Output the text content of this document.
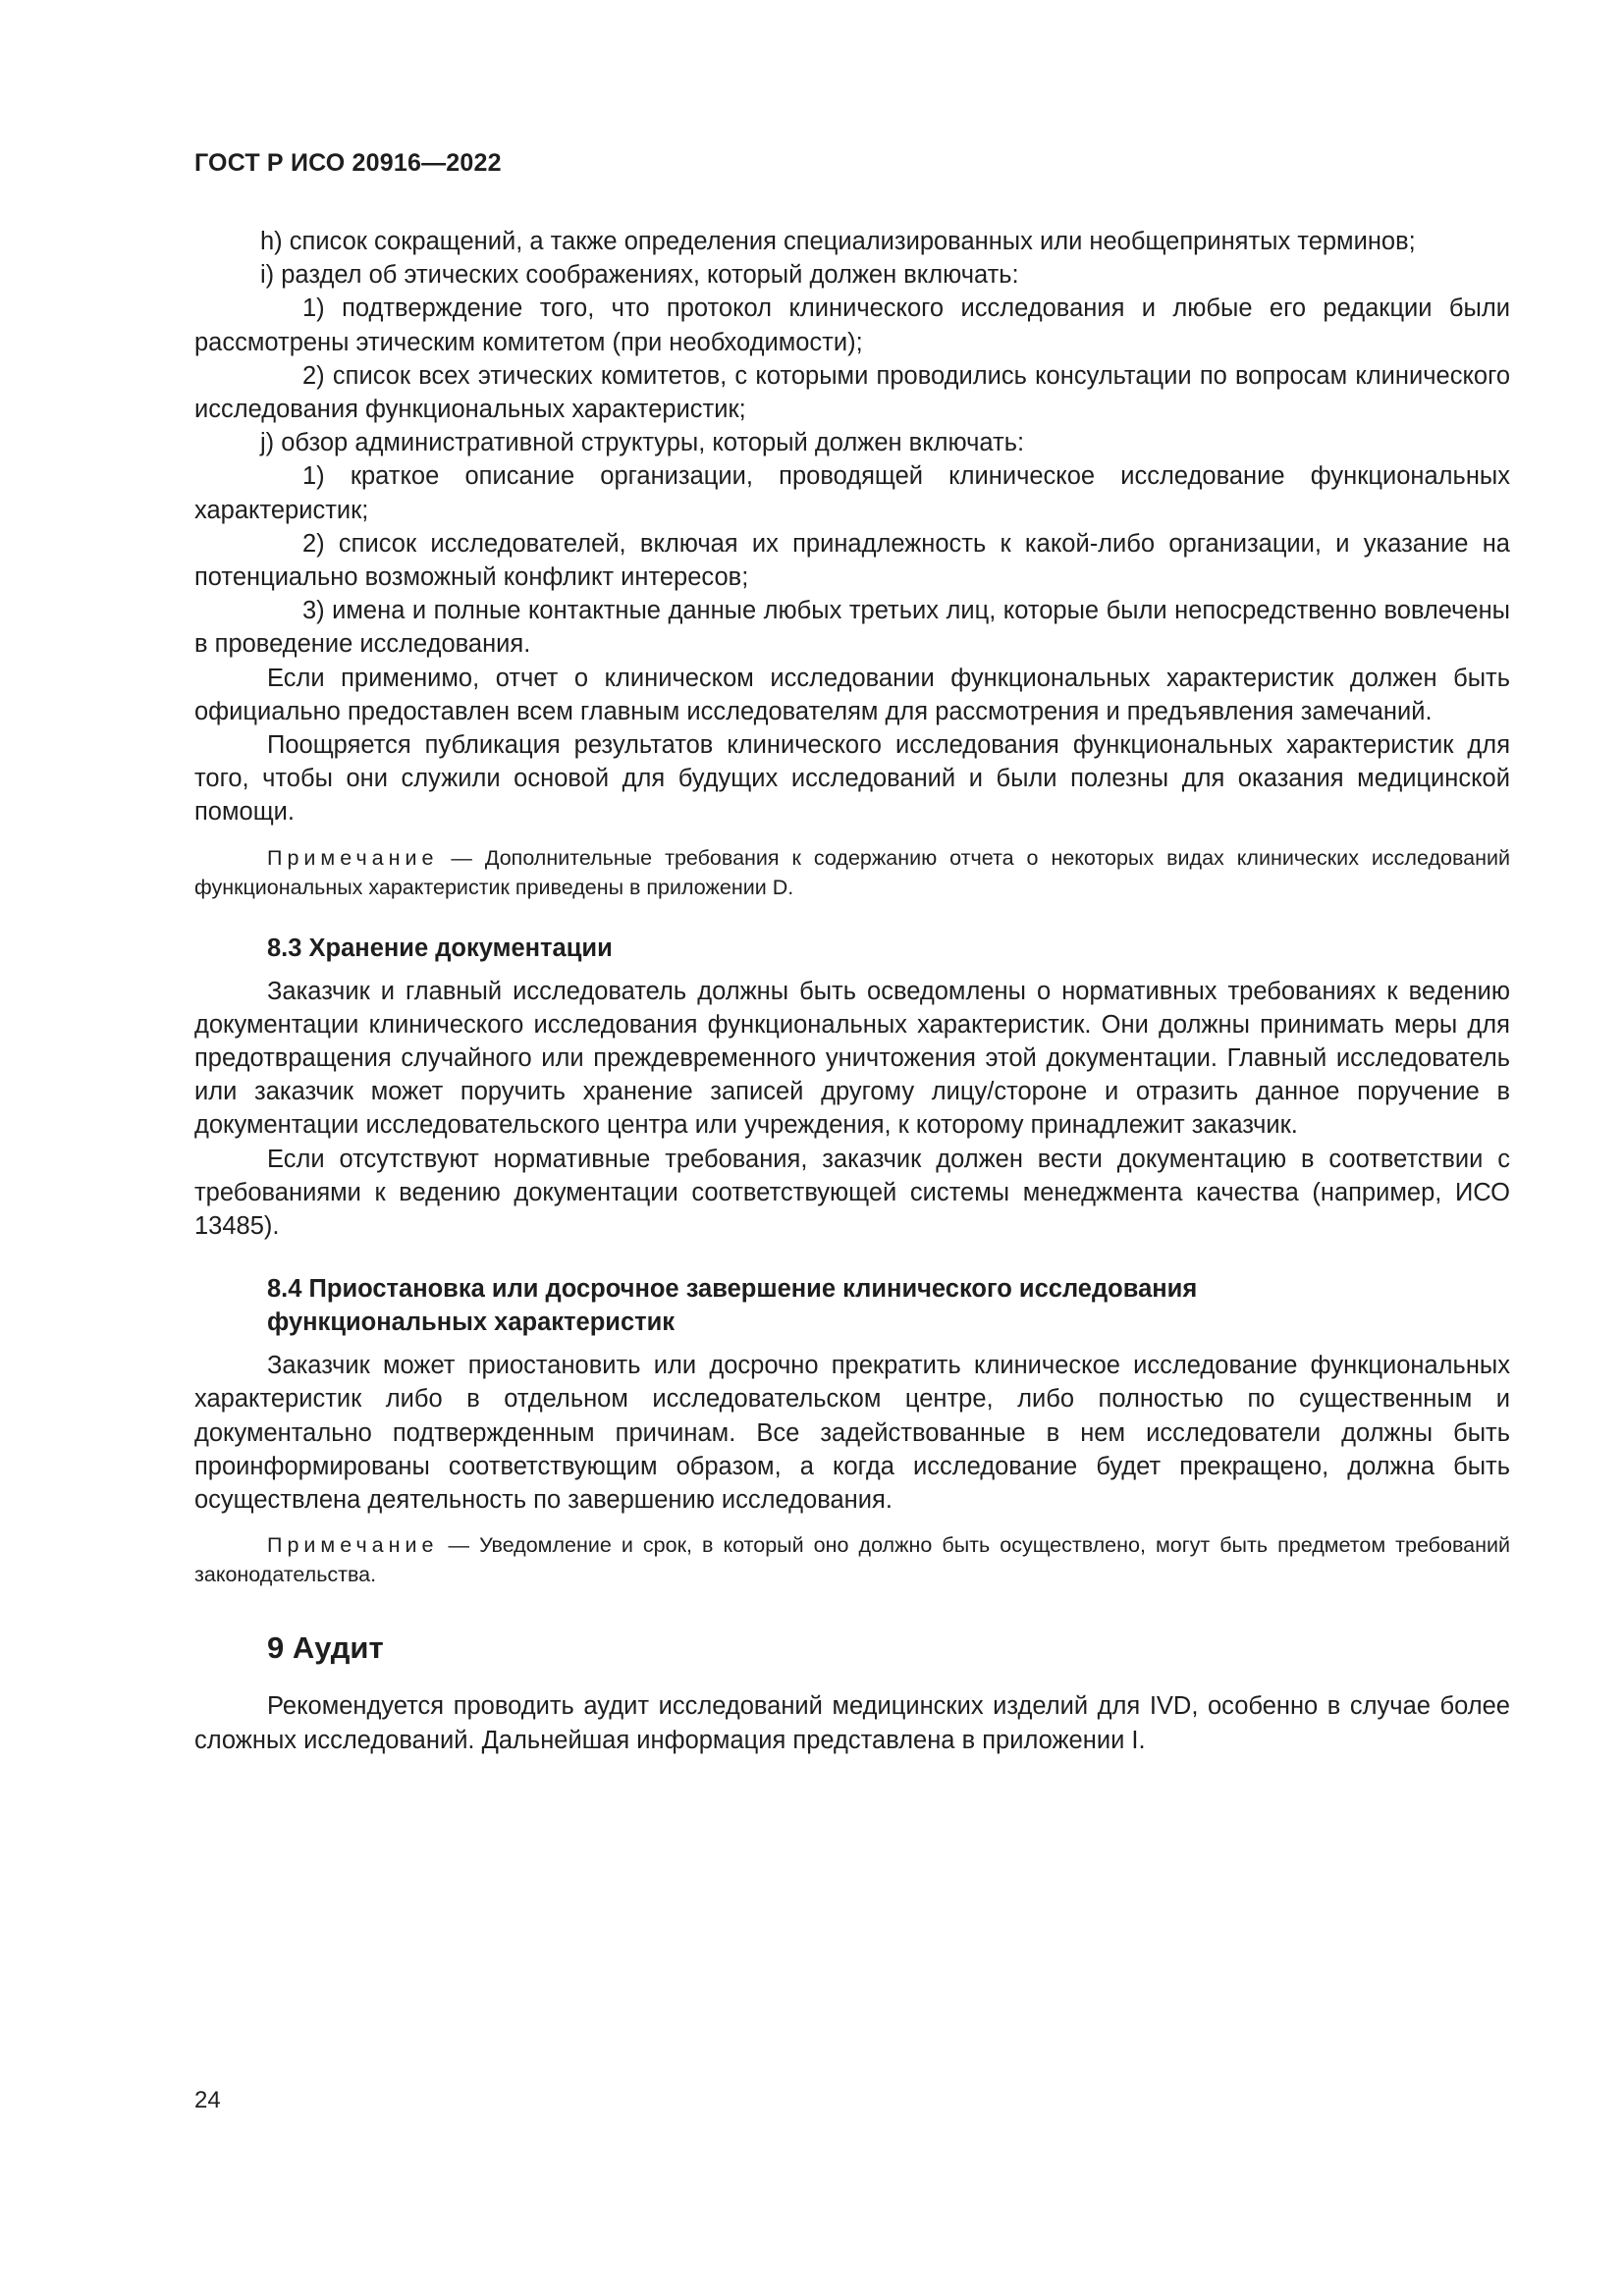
ГОСТ Р ИСО 20916—2022

h) список сокращений, а также определения специализированных или необщепринятых терминов;

i) раздел об этических соображениях, который должен включать:

1) подтверждение того, что протокол клинического исследования и любые его редакции были рассмотрены этическим комитетом (при необходимости);

2) список всех этических комитетов, с которыми проводились консультации по вопросам клинического исследования функциональных характеристик;

j) обзор административной структуры, который должен включать:

1) краткое описание организации, проводящей клиническое исследование функциональных характеристик;

2) список исследователей, включая их принадлежность к какой-либо организации, и указание на потенциально возможный конфликт интересов;

3) имена и полные контактные данные любых третьих лиц, которые были непосредственно вовлечены в проведение исследования.

Если применимо, отчет о клиническом исследовании функциональных характеристик должен быть официально предоставлен всем главным исследователям для рассмотрения и предъявления замечаний.

Поощряется публикация результатов клинического исследования функциональных характеристик для того, чтобы они служили основой для будущих исследований и были полезны для оказания медицинской помощи.

Примечание — Дополнительные требования к содержанию отчета о некоторых видах клинических исследований функциональных характеристик приведены в приложении D.

8.3 Хранение документации

Заказчик и главный исследователь должны быть осведомлены о нормативных требованиях к ведению документации клинического исследования функциональных характеристик. Они должны принимать меры для предотвращения случайного или преждевременного уничтожения этой документации. Главный исследователь или заказчик может поручить хранение записей другому лицу/стороне и отразить данное поручение в документации исследовательского центра или учреждения, к которому принадлежит заказчик.

Если отсутствуют нормативные требования, заказчик должен вести документацию в соответствии с требованиями к ведению документации соответствующей системы менеджмента качества (например, ИСО 13485).

8.4 Приостановка или досрочное завершение клинического исследования
функциональных характеристик

Заказчик может приостановить или досрочно прекратить клиническое исследование функциональных характеристик либо в отдельном исследовательском центре, либо полностью по существенным и документально подтвержденным причинам. Все задействованные в нем исследователи должны быть проинформированы соответствующим образом, а когда исследование будет прекращено, должна быть осуществлена деятельность по завершению исследования.

Примечание — Уведомление и срок, в который оно должно быть осуществлено, могут быть предметом требований законодательства.

9 Аудит

Рекомендуется проводить аудит исследований медицинских изделий для IVD, особенно в случае более сложных исследований. Дальнейшая информация представлена в приложении I.

24
